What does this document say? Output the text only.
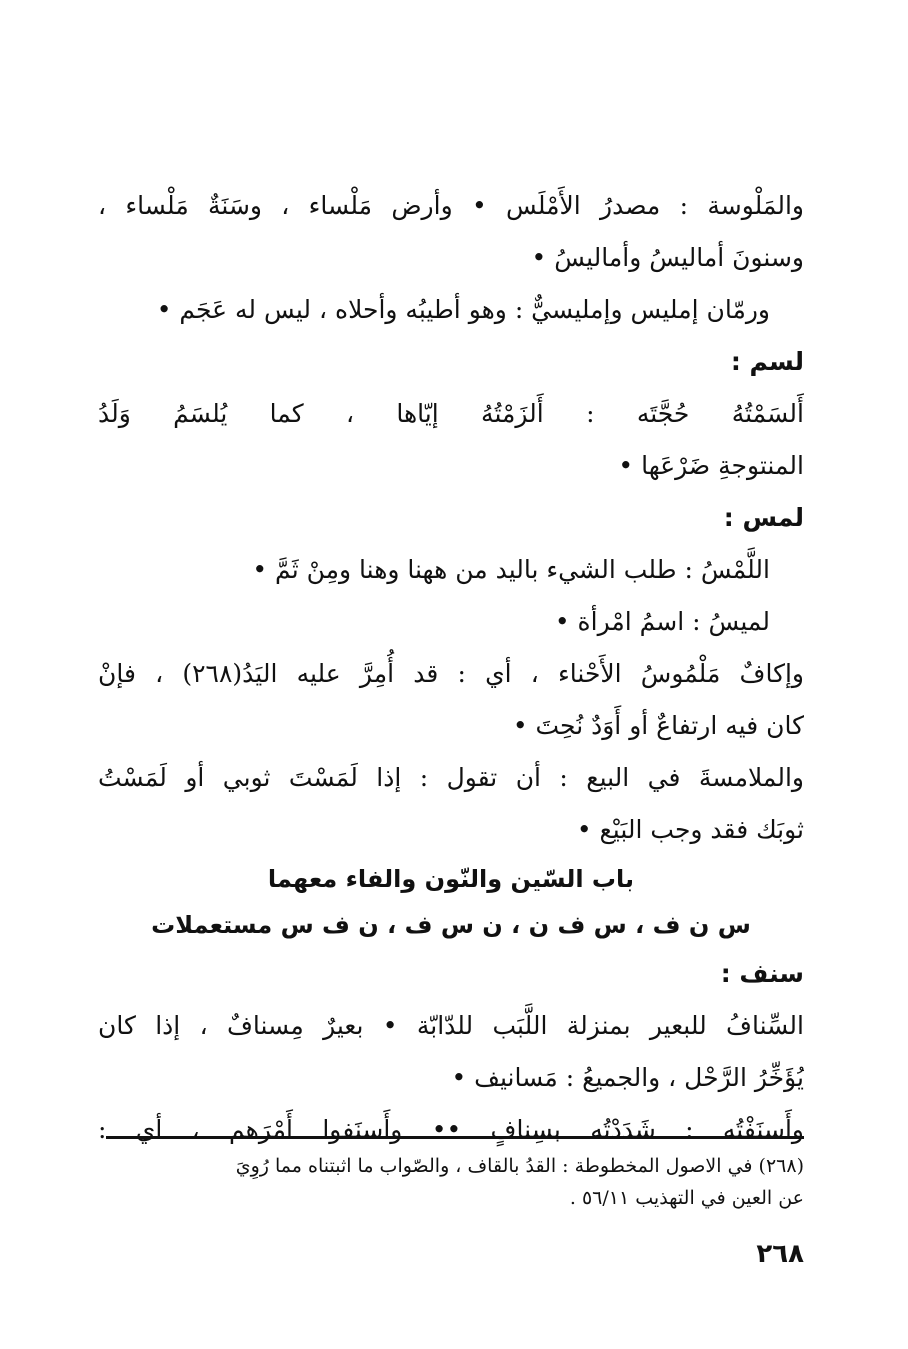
والمَلْوسة : مصدرُ الأَمْلَس • وأرض مَلْساء ، وسَنَةٌ مَلْساء ،
وسنونَ أماليسُ وأماليسُ •
ورمّان إمليس وإمليسيٌّ : وهو أطيبُه وأحلاه ، ليس له عَجَم •
لسم :
أَلسَمْتُهُ حُجَّتَه : أَلزَمْتُهُ إيّاها ، كما يُلسَمُ وَلَدُ
المنتوجةِ ضَرْعَها •
لمس :
اللَّمْسُ : طلب الشيء باليد من ههنا وهنا ومِنْ ثَمَّ •
لميسُ : اسمُ امْرأة •
وإكافٌ مَلْمُوسُ الأَحْناء ، أي : قد أُمِرَّ عليه اليَدُ(٢٦٨) ، فإنْ
كان فيه ارتفاعٌ أو أَوَدٌ نُحِتَ •
والملامسةَ في البيع : أن تقول : إذا لَمَسْتَ ثوبي أو لَمَسْتُ
ثوبَك فقد وجب البَيْع •
باب السّين والنّون والفاء معهما
س ن ف ، س ف ن ، ن س ف ، ن ف س مستعملات
سنف :
السِّنافُ للبعير بمنزلة اللَّبَب للدّابّة • بعيرٌ مِسنافٌ ، إذا كان
يُؤَخِّرُ الرَّحْل ، والجميعُ : مَسانيف •
وأَسنَفْتُه : شَدَدْتُه بسِنافٍ •• وأَسنَفوا أَمْرَهم ، أي :
(٢٦٨) في الاصول المخطوطة : القدُ بالقاف ، والصّواب ما اثبتناه مما رُوِيَ
عن العين في التهذيب ٥٦/١١ .
٢٦٨
